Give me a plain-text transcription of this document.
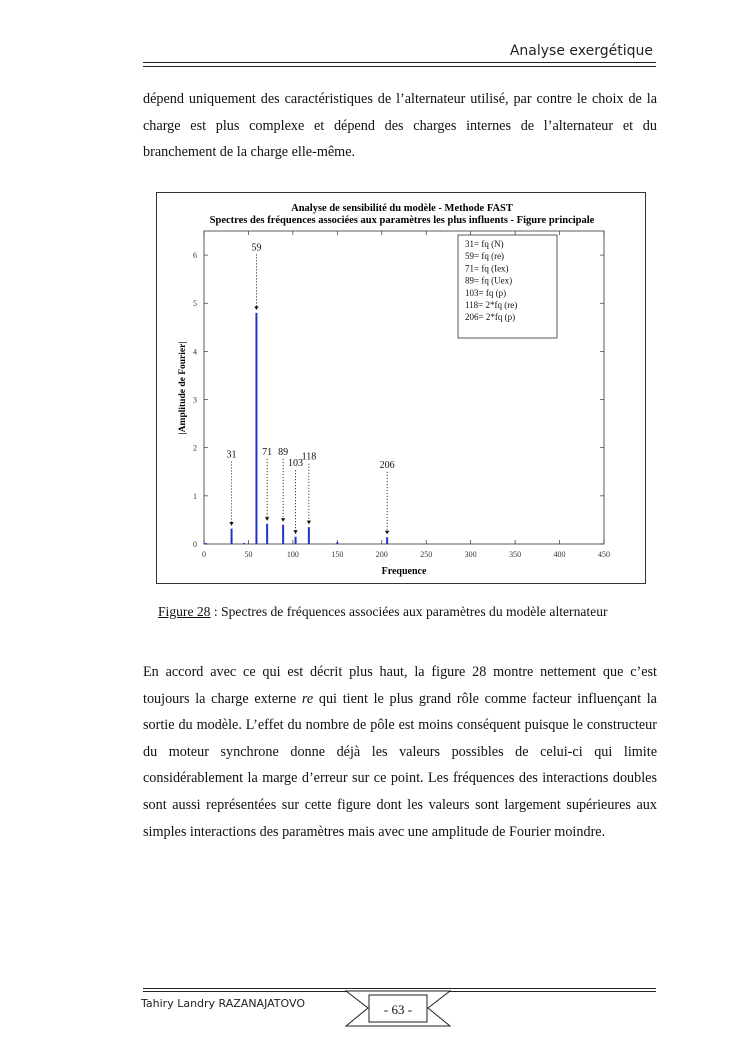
Analyse exergétique

dépend uniquement des caractéristiques de l’alternateur utilisé, par contre le choix de la charge est plus complexe et dépend des charges internes de l’alternateur et du branchement de la charge elle-même.

Analyse de sensibilité du modèle - Methode FAST
Spectres des fréquences associées aux paramètres les plus influents - Figure principale
0
1
2
3
4
5
6
0	50	100	150	200	250	300	350	400	450
31
59
71 89
103
118
206
Frequence
|Amplitude de Fourier|
31= fq (N)
59= fq (re)
71= fq (Iex)
89= fq (Uex)
103= fq (p)
118= 2*fq (re)
206= 2*fq (p)
Figure 28 : Spectres de fréquences associées aux paramètres du modèle alternateur

En accord avec ce qui est décrit plus haut, la figure 28 montre nettement que c’est toujours la charge externe re qui tient le plus grand rôle comme facteur influençant la sortie du modèle. L’effet du nombre de pôle est moins conséquent puisque le constructeur du moteur synchrone donne déjà les valeurs possibles de celui-ci qui limite considérablement la marge d’erreur sur ce point. Les fréquences des interactions doubles sont aussi représentées sur cette figure dont les valeurs sont largement supérieures aux simples interactions des paramètres mais avec une amplitude de Fourier moindre.

Tahiry Landry RAZANAJATOVO	- 63 -
